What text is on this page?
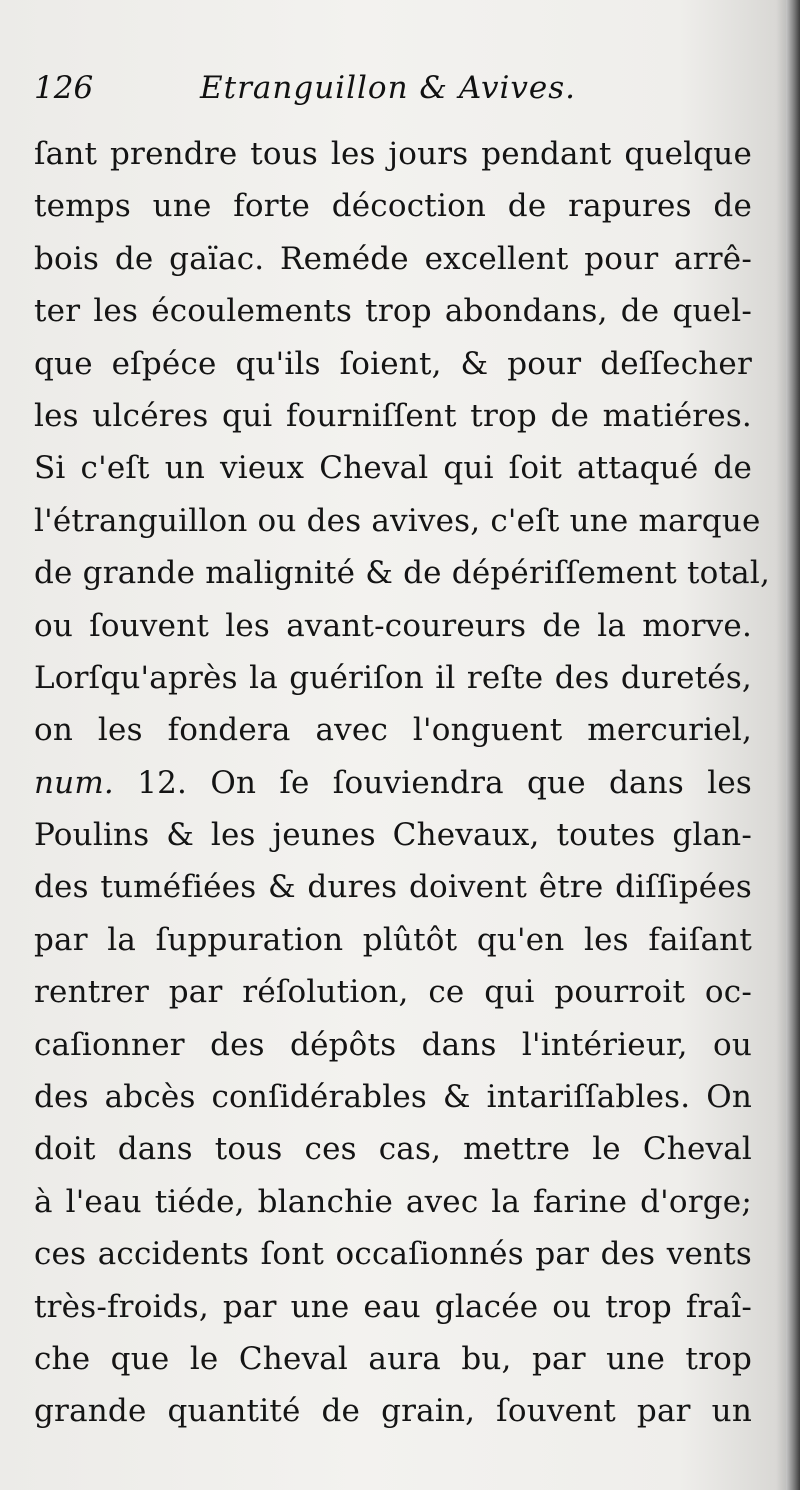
126	Etranguillon & Avives.
ſant prendre tous les jours pendant quelque
temps une forte décoction de rapures de
bois de gaïac. Reméde excellent pour arrê-
ter les écoulements trop abondans, de quel-
que eſpéce qu'ils ſoient, & pour deſſecher
les ulcéres qui fourniſſent trop de matiéres.
Si c'eſt un vieux Cheval qui ſoit attaqué de
l'étranguillon ou des avives, c'eſt une marque
de grande malignité & de dépériſſement total,
ou ſouvent les avant-coureurs de la morve.
Lorſqu'après la guériſon il reſte des duretés,
on les fondera avec l'onguent mercuriel,
num. 12. On ſe ſouviendra que dans les
Poulins & les jeunes Chevaux, toutes glan-
des tuméfiées & dures doivent être diſſipées
par la ſuppuration plûtôt qu'en les faiſant
rentrer par réſolution, ce qui pourroit oc-
caſionner des dépôts dans l'intérieur, ou
des abcès conſidérables & intariſſables. On
doit dans tous ces cas, mettre le Cheval
à l'eau tiéde, blanchie avec la farine d'orge;
ces accidents ſont occaſionnés par des vents
très-froids, par une eau glacée ou trop fraî-
che que le Cheval aura bu, par une trop
grande quantité de grain, ſouvent par un
